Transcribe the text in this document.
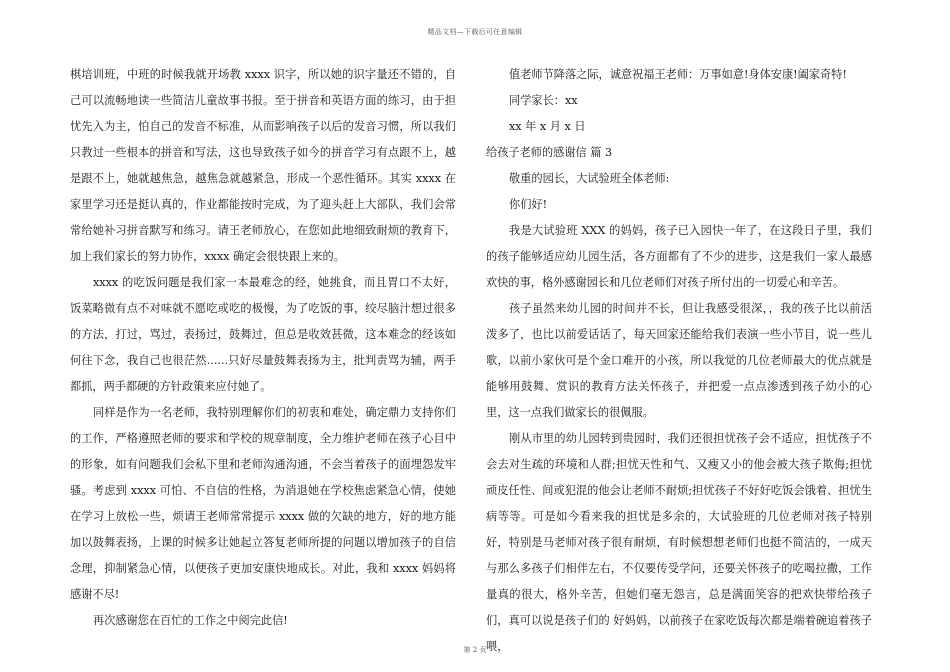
精品文档—下载后可任意编辑

棋培训班，中班的时候我就开场教 xxxx 识字，所以她的识字量还不错的，自己可以流畅地读一些简洁儿童故事书报。至于拼音和英语方面的练习，由于担忧先入为主，怕自己的发音不标准，从而影响孩子以后的发音习惯，所以我们只教过一些根本的拼音和写法，这也导致孩子如今的拼音学习有点跟不上，越是跟不上，她就越焦急，越焦急就越紧急，形成一个恶性循环。其实 xxxx 在家里学习还是挺认真的，作业都能按时完成，为了迎头赶上大部队，我们会常常给她补习拼音默写和练习。请王老师放心，在您如此地细致耐烦的教育下，加上我们家长的努力协作，xxxx 确定会很快跟上来的。

xxxx 的吃饭问题是我们家一本最难念的经，她挑食，而且胃口不太好，饭菜略微有点不对味就不愿吃或吃的极慢，为了吃饭的事，绞尽脑汁想过很多的方法，打过，骂过，表扬过，鼓舞过，但总是收效甚微，这本难念的经该如何往下念，我自己也很茫然......只好尽量鼓舞表扬为主，批判责骂为辅，两手都抓，两手都硬的方针政策来应付她了。

同样是作为一名老师，我特别理解你们的初衷和难处，确定鼎力支持你们的工作，严格遵照老师的要求和学校的规章制度，全力维护老师在孩子心目中的形象，如有问题我们会私下里和老师沟通沟通，不会当着孩子的面埋怨发牢骚。考虑到 xxxx 可怕、不自信的性格，为消退她在学校焦虑紧急心情，使她在学习上放松一些，烦请王老师常常提示 xxxx 做的欠缺的地方，好的地方能加以鼓舞表扬，上课的时候多让她起立答复老师所提的问题以增加孩子的自信念理，抑制紧急心情，以便孩子更加安康快地成长。对此，我和 xxxx 妈妈将感谢不尽!

再次感谢您在百忙的工作之中阅完此信!

值老师节降落之际，诚意祝福王老师：万事如意!身体安康!阖家奇特!

同学家长：xx

xx 年 x 月 x 日

给孩子老师的感谢信 篇 3

敬重的园长，大试验班全体老师:

你们好!

我是大试验班 XXX 的妈妈，孩子已入园快一年了，在这段日子里，我们的孩子能够适应幼儿园生活，各方面都有了不少的进步，这是我们一家人最感欢快的事，格外感谢园长和几位老师们对孩子所付出的一切爱心和辛苦。

孩子虽然来幼儿园的时间并不长，但让我感受很深，，我的孩子比以前活泼多了，也比以前爱话话了，每天回家还能给我们表演一些小节目，说一些儿歌，以前小家伙可是个金口难开的小孩，所以我觉的几位老师最大的优点就是能够用鼓舞、赏识的教育方法关怀孩子，并把爱一点点渗透到孩子幼小的心里，这一点我们做家长的很佩服。

刚从市里的幼儿园转到贵园时，我们还很担忧孩子会不适应，担忧孩子不会去对生疏的环境和人群;担忧天性和气、又瘦又小的他会被大孩子欺侮;担忧顽皮任性、间或犯混的他会让老师不耐烦;担忧孩子不好好吃饭会饿着、担忧生病等等。可是如今看来我的担忧是多余的，大试验班的几位老师对孩子特别好，特别是马老师对孩子很有耐烦，有时候想想老师们也挺不简洁的，一成天与那么多孩子们相伴左右，不仅要传受学问，还要关怀孩子的吃喝拉撒，工作量真的很大，格外辛苦，但她们毫无怨言，总是满面笑容的把欢快带给孩子们，真可以说是孩子们的 好妈妈，以前孩子在家吃饭每次都是端着碗追着孩子喂，

第 2 页
